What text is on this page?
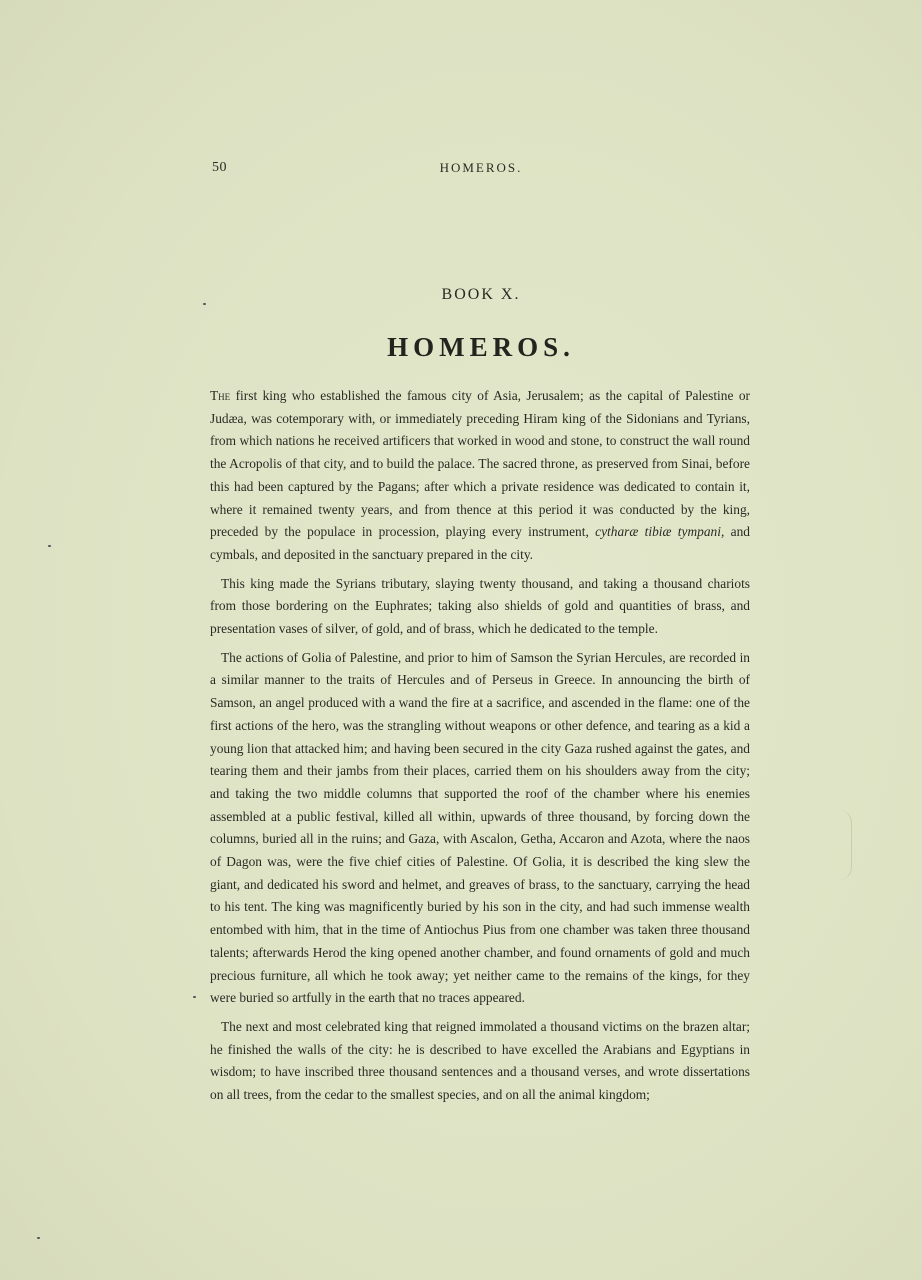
50	HOMEROS.
BOOK X.
HOMEROS.

The first king who established the famous city of Asia, Jerusalem; as the capital of Palestine or Judæa, was cotemporary with, or immediately preceding Hiram king of the Sidonians and Tyrians, from which nations he received artificers that worked in wood and stone, to construct the wall round the Acropolis of that city, and to build the palace. The sacred throne, as preserved from Sinai, before this had been captured by the Pagans; after which a private residence was dedicated to contain it, where it remained twenty years, and from thence at this period it was conducted by the king, preceded by the populace in procession, playing every instrument, cytharæ tibiæ tympani, and cymbals, and deposited in the sanctuary prepared in the city.

This king made the Syrians tributary, slaying twenty thousand, and taking a thousand chariots from those bordering on the Euphrates; taking also shields of gold and quantities of brass, and presentation vases of silver, of gold, and of brass, which he dedicated to the temple.

The actions of Golia of Palestine, and prior to him of Samson the Syrian Hercules, are recorded in a similar manner to the traits of Hercules and of Perseus in Greece. In announcing the birth of Samson, an angel produced with a wand the fire at a sacrifice, and ascended in the flame: one of the first actions of the hero, was the strangling without weapons or other defence, and tearing as a kid a young lion that attacked him; and having been secured in the city Gaza rushed against the gates, and tearing them and their jambs from their places, carried them on his shoulders away from the city; and taking the two middle columns that supported the roof of the chamber where his enemies assembled at a public festival, killed all within, upwards of three thousand, by forcing down the columns, buried all in the ruins; and Gaza, with Ascalon, Getha, Accaron and Azota, where the naos of Dagon was, were the five chief cities of Palestine. Of Golia, it is described the king slew the giant, and dedicated his sword and helmet, and greaves of brass, to the sanctuary, carrying the head to his tent. The king was magnificently buried by his son in the city, and had such immense wealth entombed with him, that in the time of Antiochus Pius from one chamber was taken three thousand talents; afterwards Herod the king opened another chamber, and found ornaments of gold and much precious furniture, all which he took away; yet neither came to the remains of the kings, for they were buried so artfully in the earth that no traces appeared.

The next and most celebrated king that reigned immolated a thousand victims on the brazen altar; he finished the walls of the city: he is described to have excelled the Arabians and Egyptians in wisdom; to have inscribed three thousand sentences and a thousand verses, and wrote dissertations on all trees, from the cedar to the smallest species, and on all the animal kingdom;
